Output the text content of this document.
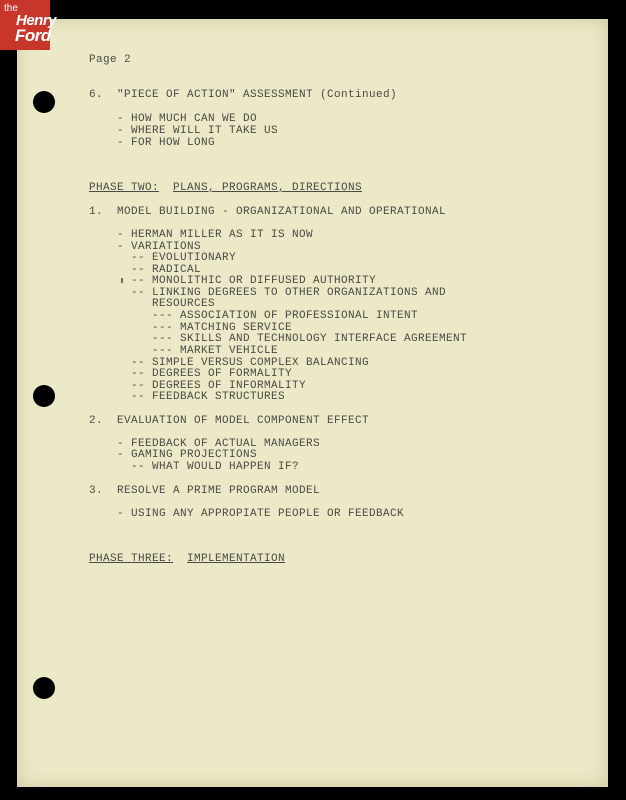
the
Henry
Ford
Page 2
6.  "PIECE OF ACTION" ASSESSMENT (Continued)
- HOW MUCH CAN WE DO
- WHERE WILL IT TAKE US
- FOR HOW LONG
PHASE TWO: PLANS, PROGRAMS, DIRECTIONS
1.  MODEL BUILDING - ORGANIZATIONAL AND OPERATIONAL
- HERMAN MILLER AS IT IS NOW
- VARIATIONS
-- EVOLUTIONARY
-- RADICAL
-- MONOLITHIC OR DIFFUSED AUTHORITY
-- LINKING DEGREES TO OTHER ORGANIZATIONS AND
RESOURCES
--- ASSOCIATION OF PROFESSIONAL INTENT
--- MATCHING SERVICE
--- SKILLS AND TECHNOLOGY INTERFACE AGREEMENT
--- MARKET VEHICLE
-- SIMPLE VERSUS COMPLEX BALANCING
-- DEGREES OF FORMALITY
-- DEGREES OF INFORMALITY
-- FEEDBACK STRUCTURES
2.  EVALUATION OF MODEL COMPONENT EFFECT
- FEEDBACK OF ACTUAL MANAGERS
- GAMING PROJECTIONS
-- WHAT WOULD HAPPEN IF?
3.  RESOLVE A PRIME PROGRAM MODEL
- USING ANY APPROPIATE PEOPLE OR FEEDBACK
PHASE THREE: IMPLEMENTATION
